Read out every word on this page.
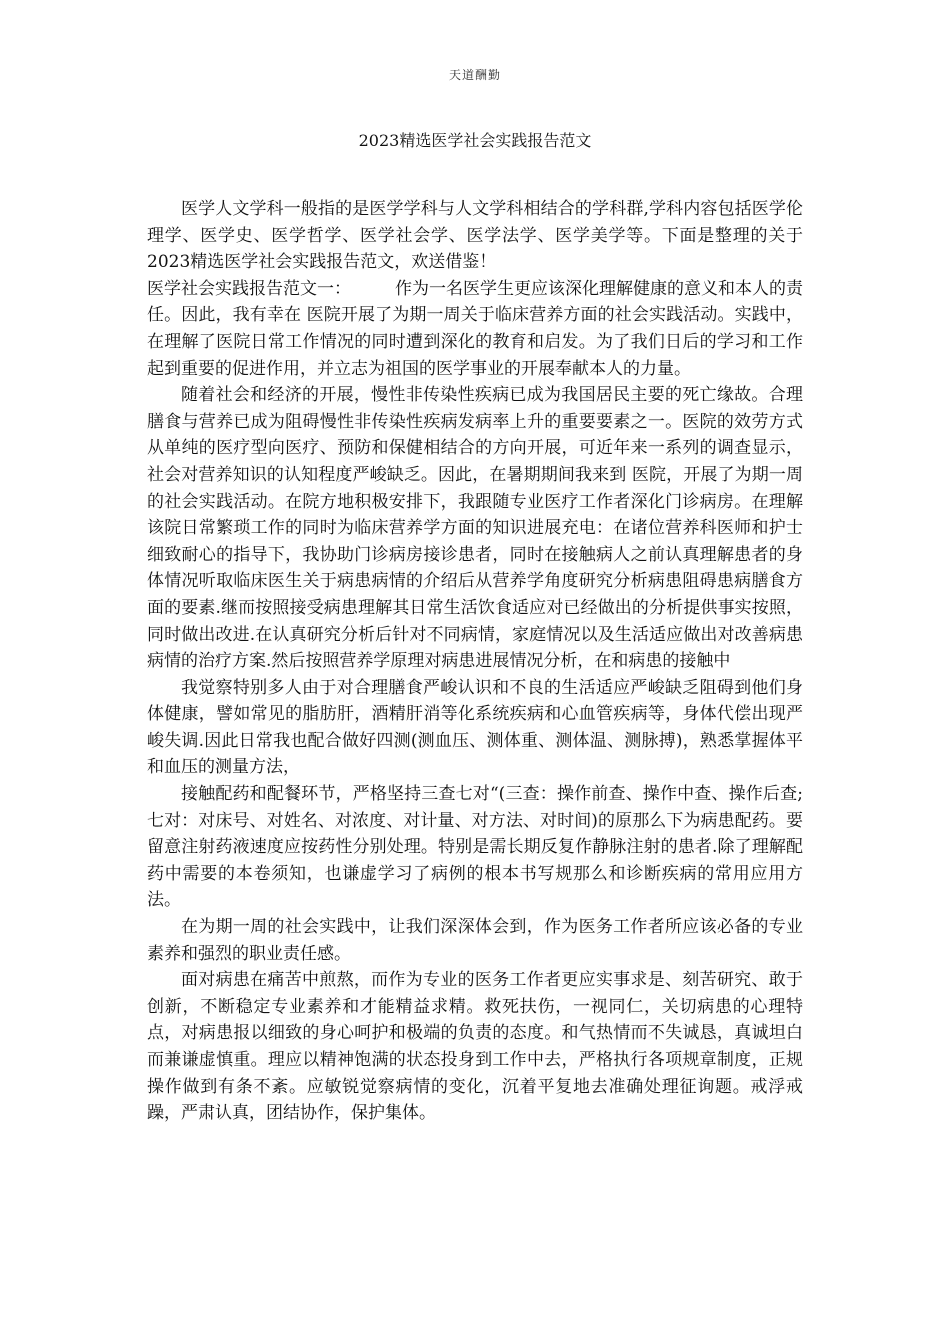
天道酬勤
2023精选医学社会实践报告范文

医学人文学科一般指的是医学学科与人文学科相结合的学科群,学科内容包括医学伦理学、医学史、医学哲学、医学社会学、医学法学、医学美学等。下面是整理的关于2023精选医学社会实践报告范文，欢送借鉴！

医学社会实践报告范文一：	作为一名医学生更应该深化理解健康的意义和本人的责任。因此，我有幸在 医院开展了为期一周关于临床营养方面的社会实践活动。实践中，在理解了医院日常工作情况的同时遭到深化的教育和启发。为了我们日后的学习和工作起到重要的促进作用，并立志为祖国的医学事业的开展奉献本人的力量。

随着社会和经济的开展，慢性非传染性疾病已成为我国居民主要的死亡缘故。合理膳食与营养已成为阻碍慢性非传染性疾病发病率上升的重要要素之一。医院的效劳方式从单纯的医疗型向医疗、预防和保健相结合的方向开展，可近年来一系列的调查显示，社会对营养知识的认知程度严峻缺乏。因此，在暑期期间我来到 医院，开展了为期一周的社会实践活动。在院方地积极安排下，我跟随专业医疗工作者深化门诊病房。在理解该院日常繁琐工作的同时为临床营养学方面的知识进展充电：在诸位营养科医师和护士细致耐心的指导下，我协助门诊病房接诊患者，同时在接触病人之前认真理解患者的身体情况听取临床医生关于病患病情的介绍后从营养学角度研究分析病患阻碍患病膳食方面的要素.继而按照接受病患理解其日常生活饮食适应对已经做出的分析提供事实按照，同时做出改进.在认真研究分析后针对不同病情，家庭情况以及生活适应做出对改善病患病情的治疗方案.然后按照营养学原理对病患进展情况分析，在和病患的接触中

我觉察特别多人由于对合理膳食严峻认识和不良的生活适应严峻缺乏阻碍到他们身体健康，譬如常见的脂肪肝，酒精肝消等化系统疾病和心血管疾病等，身体代偿出现严峻失调.因此日常我也配合做好四测(测血压、测体重、测体温、测脉搏)，熟悉掌握体平和血压的测量方法，

接触配药和配餐环节，严格坚持三查七对“(三查：操作前查、操作中查、操作后查;七对：对床号、对姓名、对浓度、对计量、对方法、对时间)的原那么下为病患配药。要留意注射药液速度应按药性分别处理。特别是需长期反复作静脉注射的患者.除了理解配药中需要的本卷须知，也谦虚学习了病例的根本书写规那么和诊断疾病的常用应用方法。

在为期一周的社会实践中，让我们深深体会到，作为医务工作者所应该必备的专业素养和强烈的职业责任感。

面对病患在痛苦中煎熬，而作为专业的医务工作者更应实事求是、刻苦研究、敢于创新，不断稳定专业素养和才能精益求精。救死扶伤，一视同仁，关切病患的心理特点，对病患报以细致的身心呵护和极端的负责的态度。和气热情而不失诚恳，真诚坦白而兼谦虚慎重。理应以精神饱满的状态投身到工作中去，严格执行各项规章制度，正规操作做到有条不紊。应敏锐觉察病情的变化，沉着平复地去准确处理征询题。戒浮戒躁，严肃认真，团结协作，保护集体。
